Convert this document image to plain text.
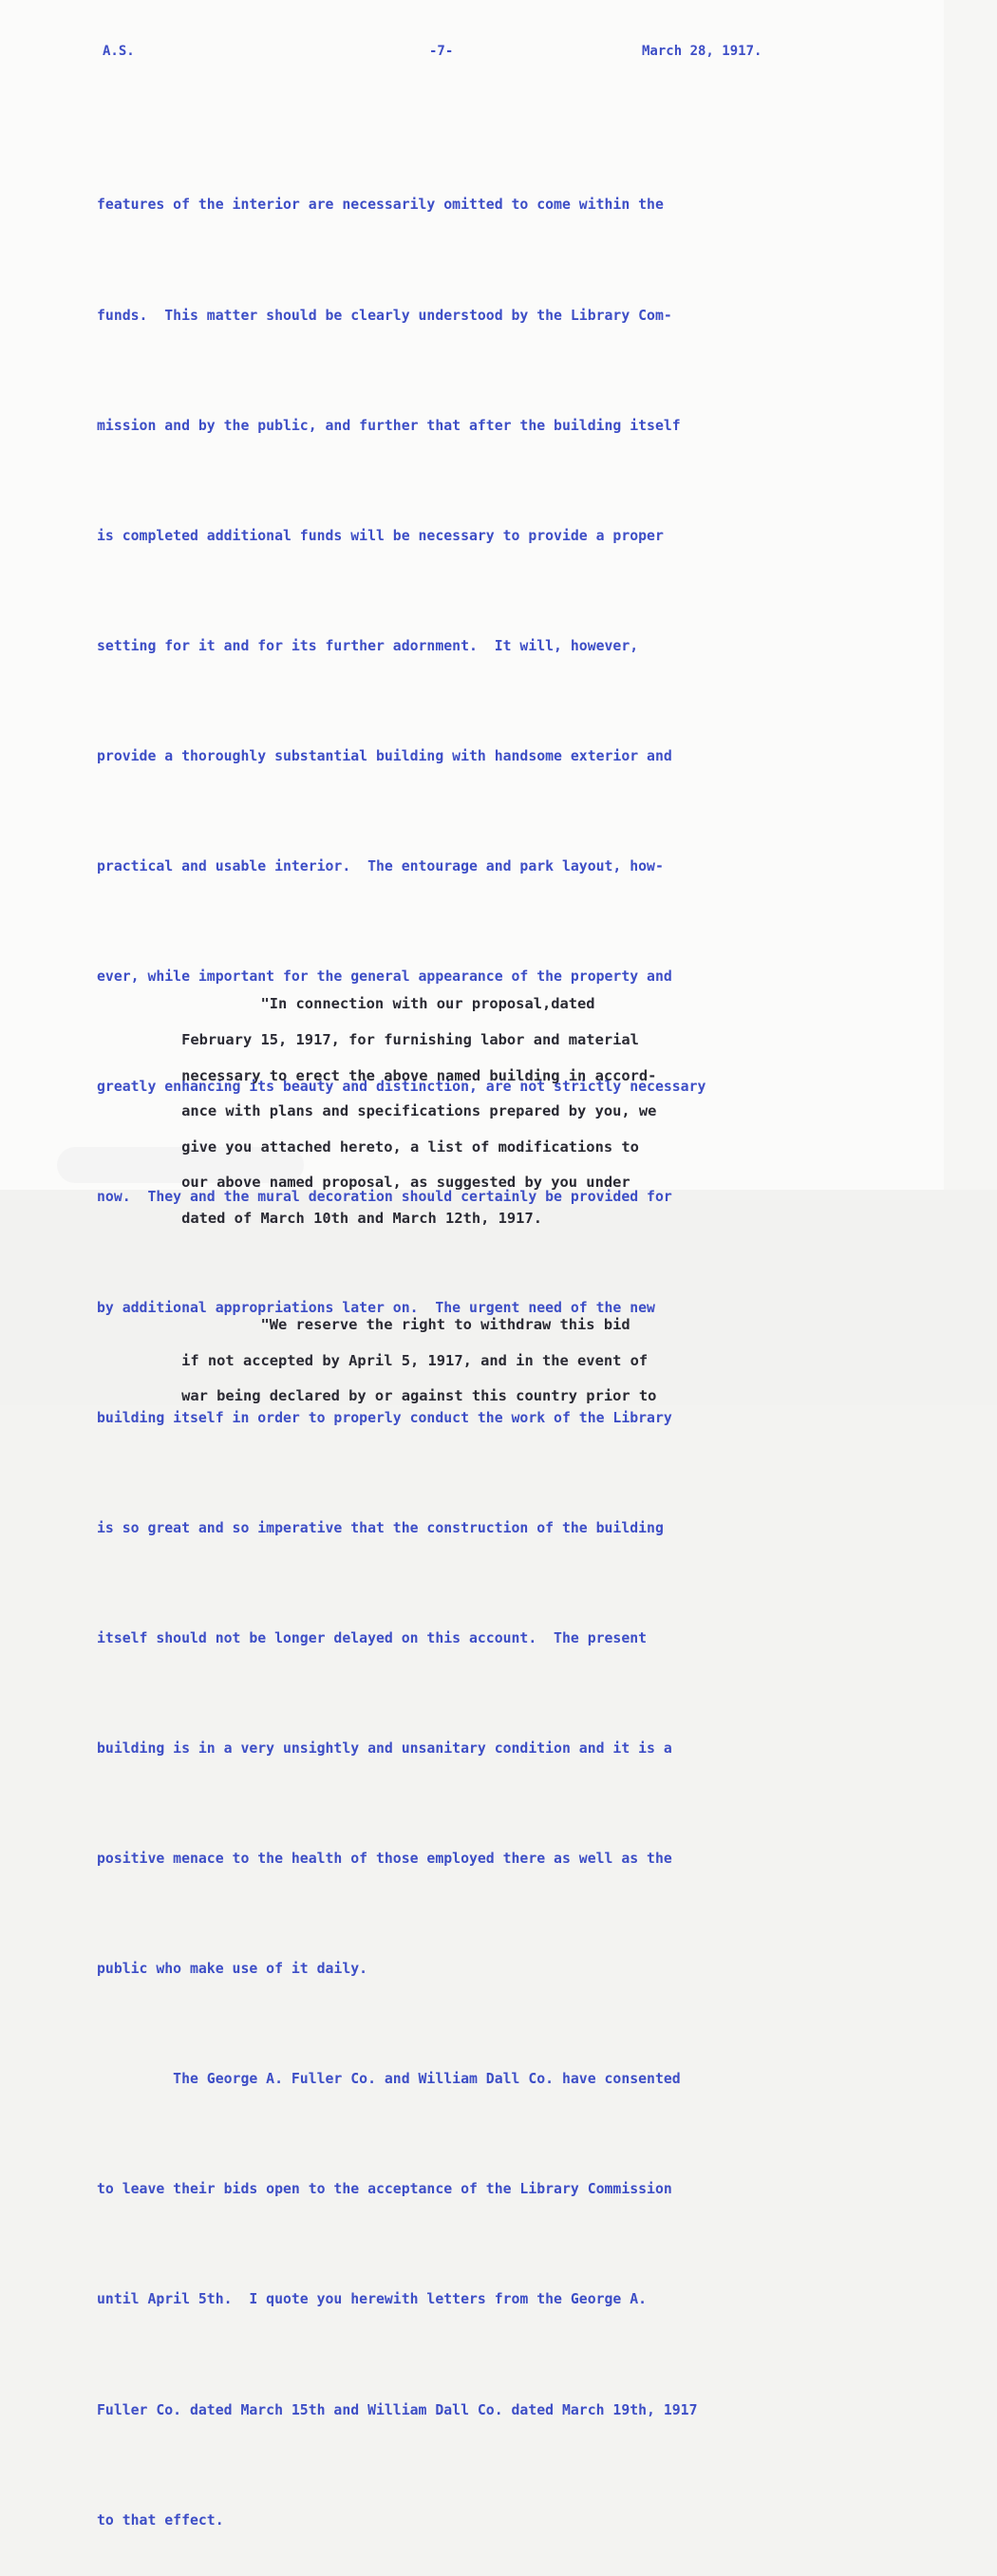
A.S.	-7-	March 28, 1917.

features of the interior are necessarily omitted to come within the

funds.  This matter should be clearly understood by the Library Com-

mission and by the public, and further that after the building itself

is completed additional funds will be necessary to provide a proper

setting for it and for its further adornment.  It will, however,

provide a thoroughly substantial building with handsome exterior and

practical and usable interior.  The entourage and park layout, how-

ever, while important for the general appearance of the property and

greatly enhancing its beauty and distinction, are not strictly necessary

now.  They and the mural decoration should certainly be provided for

by additional appropriations later on.  The urgent need of the new

building itself in order to properly conduct the work of the Library

is so great and so imperative that the construction of the building

itself should not be longer delayed on this account.  The present

building is in a very unsightly and unsanitary condition and it is a

positive menace to the health of those employed there as well as the

public who make use of it daily.

The George A. Fuller Co. and William Dall Co. have consented

to leave their bids open to the acceptance of the Library Commission

until April 5th.  I quote you herewith letters from the George A.

Fuller Co. dated March 15th and William Dall Co. dated March 19th, 1917

to that effect.

"In connection with our proposal,dated

February 15, 1917, for furnishing labor and material

necessary to erect the above named building in accord-

ance with plans and specifications prepared by you, we

give you attached hereto, a list of modifications to

our above named proposal, as suggested by you under

dated of March 10th and March 12th, 1917.

"We reserve the right to withdraw this bid

if not accepted by April 5, 1917, and in the event of

war being declared by or against this country prior to
